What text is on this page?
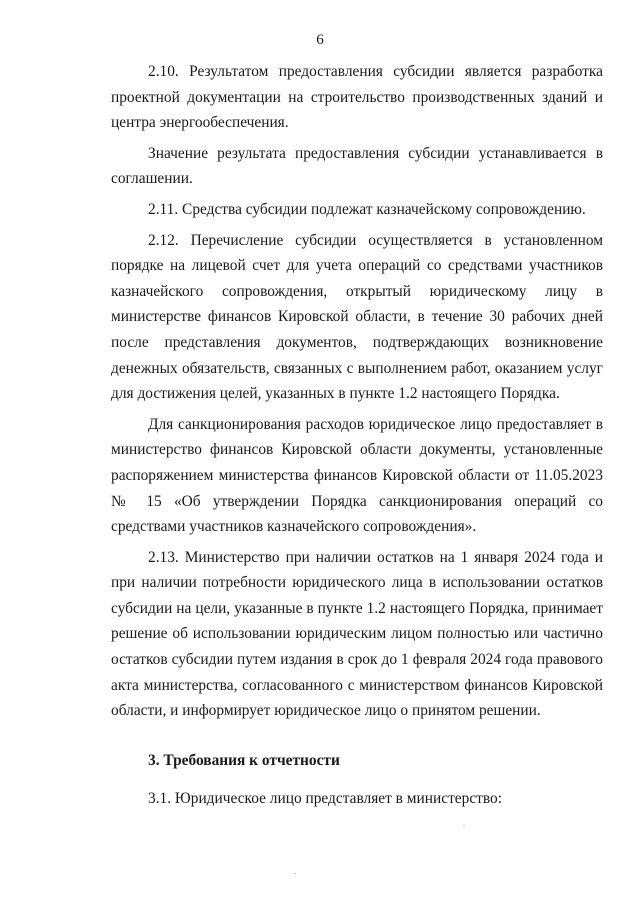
6

2.10. Результатом предоставления субсидии является разработка проектной документации на строительство производственных зданий и центра энергообеспечения.

Значение результата предоставления субсидии устанавливается в соглашении.

2.11. Средства субсидии подлежат казначейскому сопровождению.

2.12. Перечисление субсидии осуществляется в установленном порядке на лицевой счет для учета операций со средствами участников казначейского сопровождения, открытый юридическому лицу в министерстве финансов Кировской области, в течение 30 рабочих дней после представления документов, подтверждающих возникновение денежных обязательств, связанных с выполнением работ, оказанием услуг для достижения целей, указанных в пункте 1.2 настоящего Порядка.

Для санкционирования расходов юридическое лицо предоставляет в министерство финансов Кировской области документы, установленные распоряжением министерства финансов Кировской области от 11.05.2023 № 15 «Об утверждении Порядка санкционирования операций со средствами участников казначейского сопровождения».

2.13. Министерство при наличии остатков на 1 января 2024 года и при наличии потребности юридического лица в использовании остатков субсидии на цели, указанные в пункте 1.2 настоящего Порядка, принимает решение об использовании юридическим лицом полностью или частично остатков субсидии путем издания в срок до 1 февраля 2024 года правового акта министерства, согласованного с министерством финансов Кировской области, и информирует юридическое лицо о принятом решении.

3. Требования к отчетности

3.1. Юридическое лицо представляет в министерство:
